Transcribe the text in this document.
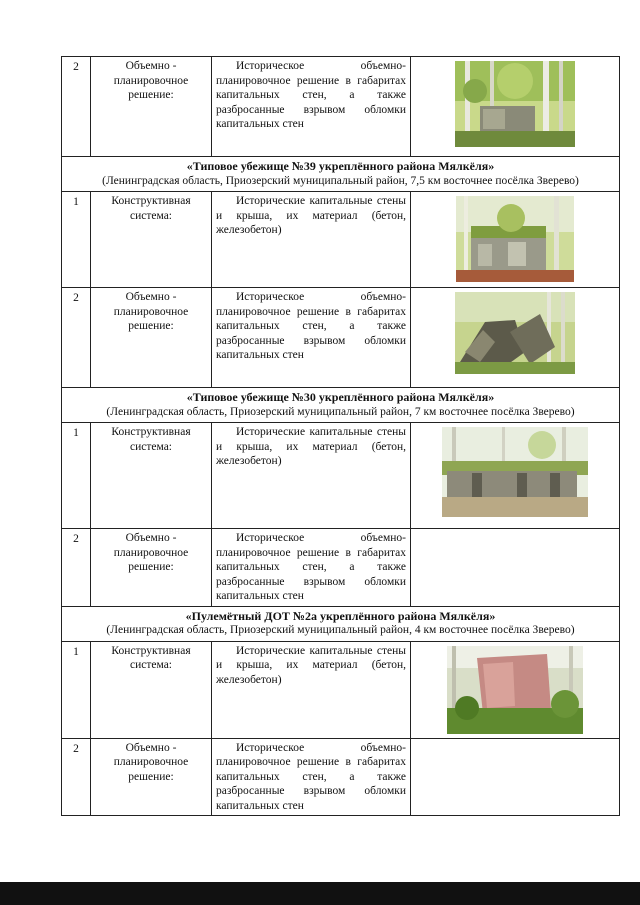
2	Объемно - планировочное решение:	Историческое объемно-планировочное решение в габаритах капитальных стен, а также разбросанные взрывом обломки капитальных стен	

«Типовое убежище №39 укреплённого района Мялкёля»
(Ленинградская область, Приозерский муниципальный район, 7,5 км восточнее посёлка Зверево)			

1	Конструктивная система:	Исторические капитальные стены и крыша, их материал (бетон, железобетон)	

2	Объемно - планировочное решение:	Историческое объемно-планировочное решение в габаритах капитальных стен, а также разбросанные взрывом обломки капитальных стен	

«Типовое убежище №30 укреплённого района Мялкёля»
(Ленинградская область, Приозерский муниципальный район, 7 км восточнее посёлка Зверево)			

1	Конструктивная система:	Исторические капитальные стены и крыша, их материал (бетон, железобетон)	

2	Объемно - планировочное решение:	Историческое объемно-планировочное решение в габаритах капитальных стен, а также разбросанные взрывом обломки капитальных стен	

«Пулемётный ДОТ №2а укреплённого района Мялкёля»
(Ленинградская область, Приозерский муниципальный район, 4 км восточнее посёлка Зверево)			

1	Конструктивная система:	Исторические капитальные стены и крыша, их материал (бетон, железобетон)	

2	Объемно - планировочное решение:	Историческое объемно-планировочное решение в габаритах капитальных стен, а также разбросанные взрывом обломки капитальных стен	
